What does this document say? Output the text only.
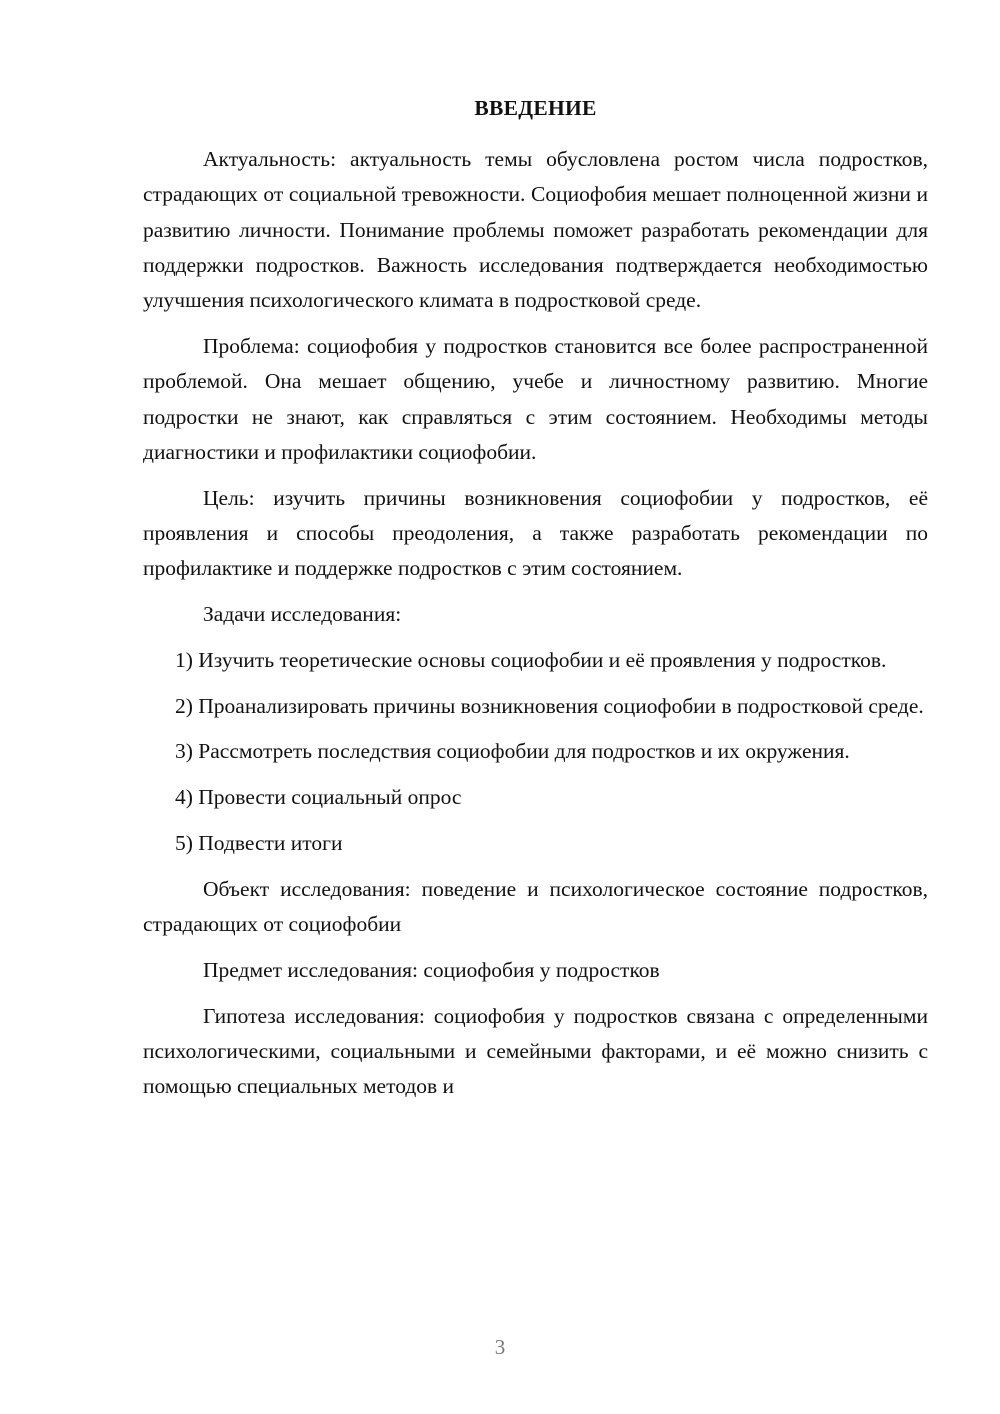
ВВЕДЕНИЕ

Актуальность: актуальность темы обусловлена ростом числа подростков, страдающих от социальной тревожности. Социофобия мешает полноценной жизни и развитию личности. Понимание проблемы поможет разработать рекомендации для поддержки подростков. Важность исследования подтверждается необходимостью улучшения психологического климата в подростковой среде.

Проблема: социофобия у подростков становится все более распространенной проблемой. Она мешает общению, учебе и личностному развитию. Многие подростки не знают, как справляться с этим состоянием. Необходимы методы диагностики и профилактики социофобии.

Цель: изучить причины возникновения социофобии у подростков, её проявления и способы преодоления, а также разработать рекомендации по профилактике и поддержке подростков с этим состоянием.

Задачи исследования:

1) Изучить теоретические основы социофобии и её проявления у подростков.

2) Проанализировать причины возникновения социофобии в подростковой среде.

3) Рассмотреть последствия социофобии для подростков и их окружения.

4) Провести социальный опрос

5) Подвести итоги

Объект исследования: поведение и психологическое состояние подростков, страдающих от социофобии

Предмет исследования: социофобия у подростков

Гипотеза исследования: социофобия у подростков связана с определенными психологическими, социальными и семейными факторами, и её можно снизить с помощью специальных методов и

3
